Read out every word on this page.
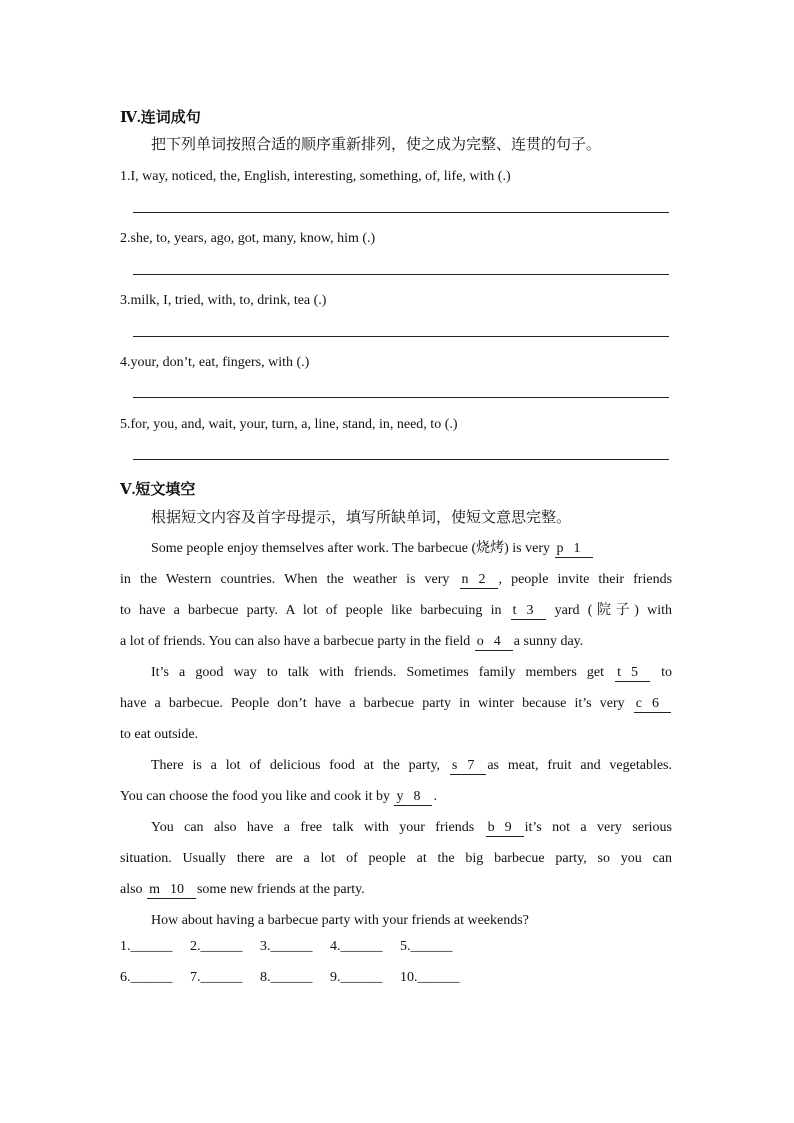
Ⅳ.连词成句
把下列单词按照合适的顺序重新排列，使之成为完整、连贯的句子。
1.I, way, noticed, the, English, interesting, something, of, life, with (.)
2.she, to, years, ago, got, many, know, him (.)
3.milk, I, tried, with, to, drink, tea (.)
4.your, don’t, eat, fingers, with (.)
5.for, you, and, wait, your, turn, a, line, stand, in, need, to (.)
Ⅴ.短文填空
根据短文内容及首字母提示，填写所缺单词，使短文意思完整。
Some people enjoy themselves after work. The barbecue (烧烤) is very p 1
in the Western countries. When the weather is very n 2 , people invite their friends
to have a barbecue party. A lot of people like barbecuing in t 3 yard (院子) with
a lot of friends. You can also have a barbecue party in the field o 4 a sunny day.
It’s a good way to talk with friends. Sometimes family members get t 5 to
have a barbecue. People don’t have a barbecue party in winter because it’s very c 6
to eat outside.
There is a lot of delicious food at the party, s 7 as meat, fruit and vegetables.
You can choose the food you like and cook it by y 8 .
You can also have a free talk with your friends b 9 it’s not a very serious
situation. Usually there are a lot of people at the big barbecue party, so you can
also m 10 some new friends at the party.
How about having a barbecue party with your friends at weekends?
1.______ 2.______ 3.______ 4.______ 5.______
6.______ 7.______ 8.______ 9.______ 10.______
